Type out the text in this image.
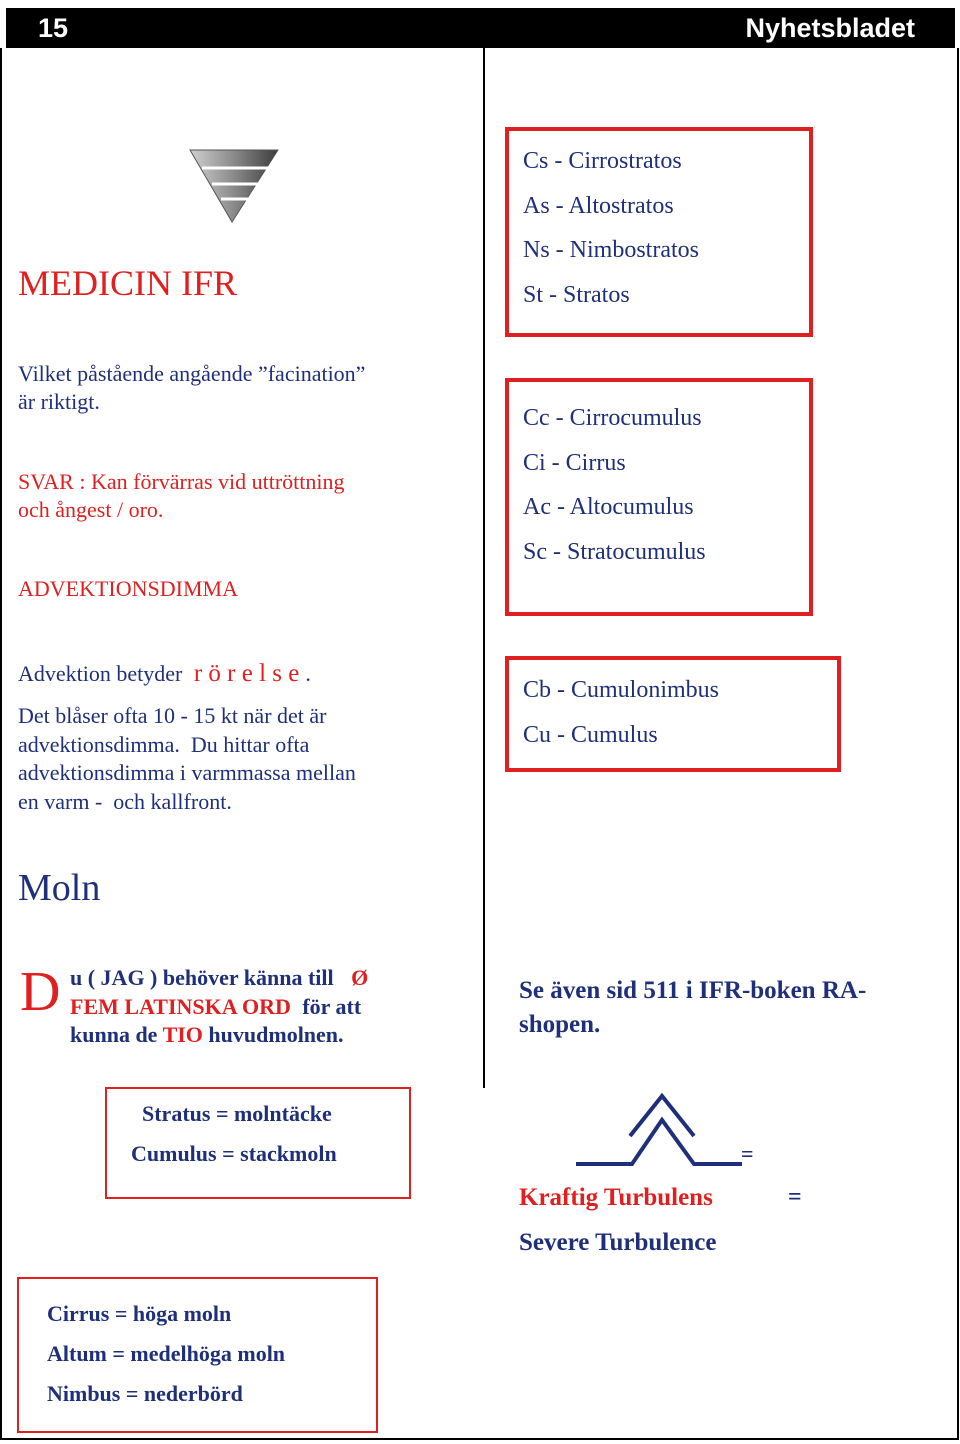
15	Nyhetsbladet
MEDICIN IFR
Vilket påstående angående ”facination”
är riktigt.
SVAR : Kan förvärras vid uttröttning
och ångest / oro.
ADVEKTIONSDIMMA
Advektion betyder r ö r e l s e .
Det blåser ofta 10 - 15 kt när det är
advektionsdimma.  Du hittar ofta
advektionsdimma i varmmassa mellan
en varm -  och kallfront.
Moln
D u ( JAG ) behöver känna till Ø
FEM LATINSKA ORD för att
kunna de TIO huvudmolnen.
Stratus = molntäcke
Cumulus = stackmoln
Cirrus = höga moln
Altum = medelhöga moln
Nimbus = nederbörd

Cs - Cirrostratos

As - Altostratos

Ns - Nimbostratos

St - Stratos

Cc - Cirrocumulus

Ci - Cirrus

Ac - Altocumulus

Sc - Stratocumulus

Cb - Cumulonimbus

Cu - Cumulus

Se även sid 511 i IFR-boken RA-shopen.
=
Kraftig Turbulens	=
Severe Turbulence
